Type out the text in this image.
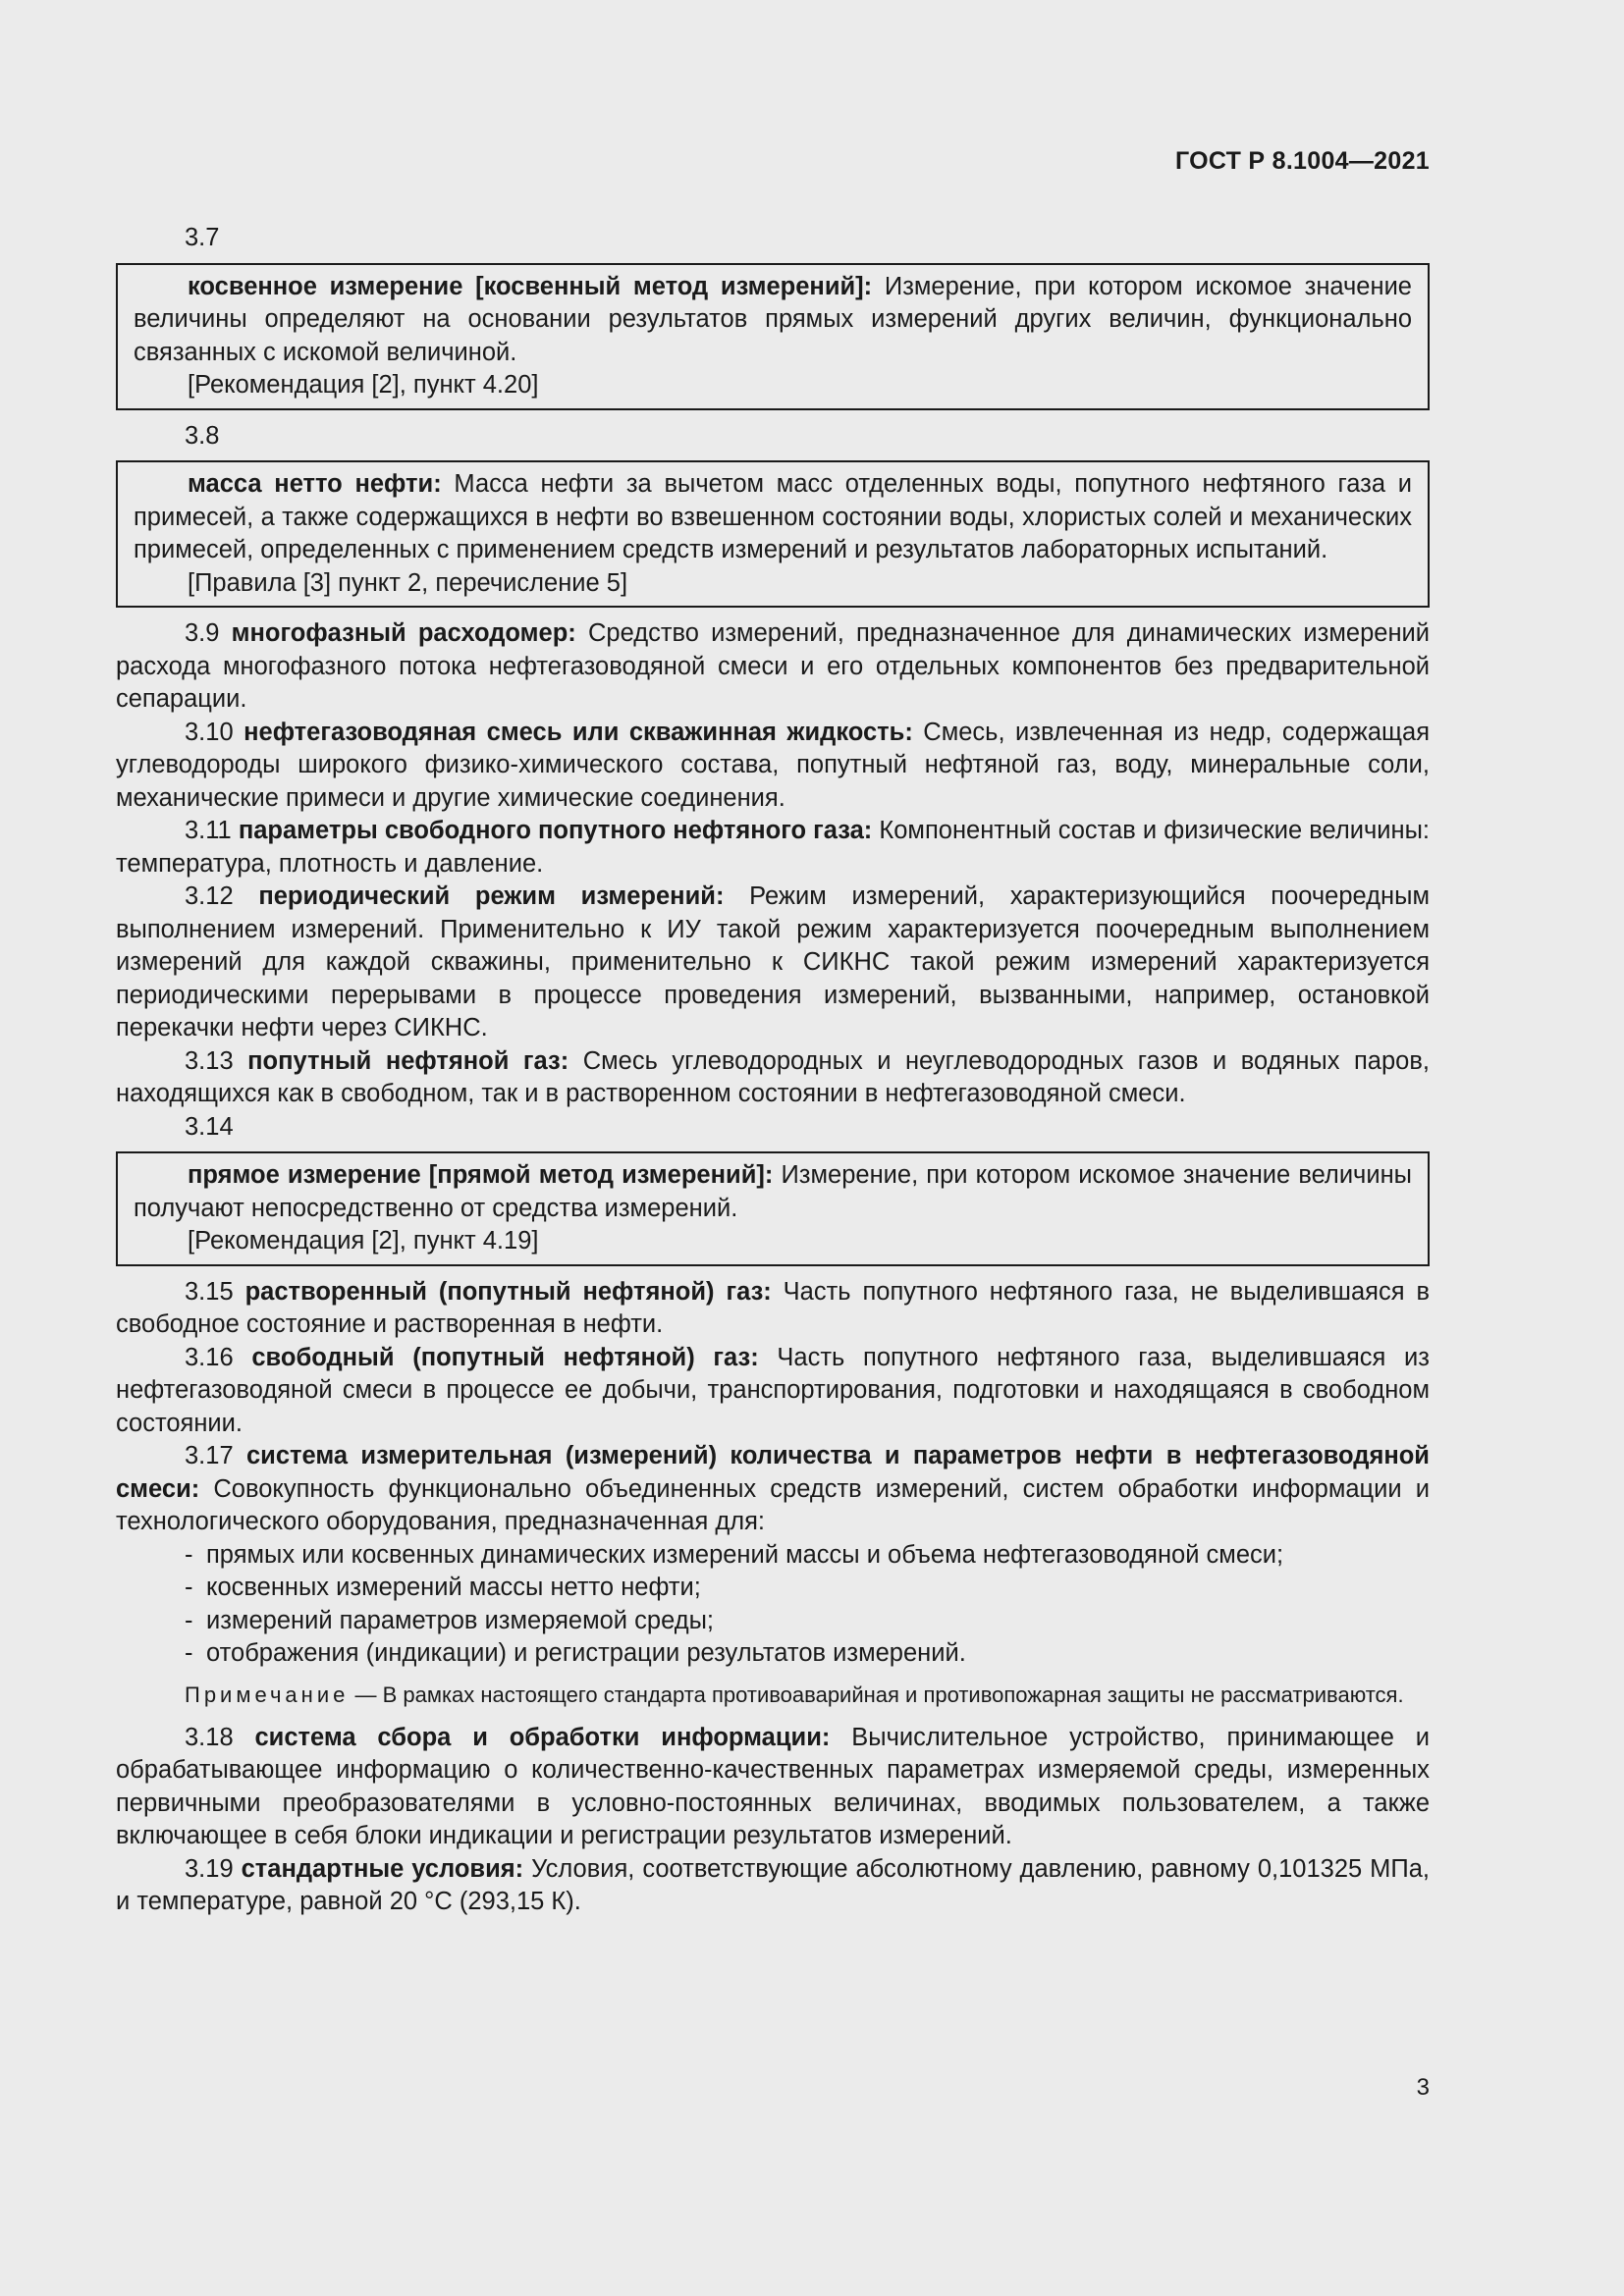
ГОСТ Р 8.1004—2021
3.7

косвенное измерение [косвенный метод измерений]: Измерение, при котором искомое значение величины определяют на основании результатов прямых измерений других величин, функционально связанных с искомой величиной.

[Рекомендация [2], пункт 4.20]
3.8

масса нетто нефти: Масса нефти за вычетом масс отделенных воды, попутного нефтяного газа и примесей, а также содержащихся в нефти во взвешенном состоянии воды, хлористых солей и механических примесей, определенных с применением средств измерений и результатов лабораторных испытаний.

[Правила [3] пункт 2, перечисление 5]

3.9 многофазный расходомер: Средство измерений, предназначенное для динамических измерений расхода многофазного потока нефтегазоводяной смеси и его отдельных компонентов без предварительной сепарации.

3.10 нефтегазоводяная смесь или скважинная жидкость: Смесь, извлеченная из недр, содержащая углеводороды широкого физико-химического состава, попутный нефтяной газ, воду, минеральные соли, механические примеси и другие химические соединения.

3.11 параметры свободного попутного нефтяного газа: Компонентный состав и физические величины: температура, плотность и давление.

3.12 периодический режим измерений: Режим измерений, характеризующийся поочередным выполнением измерений. Применительно к ИУ такой режим характеризуется поочередным выполнением измерений для каждой скважины, применительно к СИКНС такой режим измерений характеризуется периодическими перерывами в процессе проведения измерений, вызванными, например, остановкой перекачки нефти через СИКНС.

3.13 попутный нефтяной газ: Смесь углеводородных и неуглеводородных газов и водяных паров, находящихся как в свободном, так и в растворенном состоянии в нефтегазоводяной смеси.

3.14

прямое измерение [прямой метод измерений]: Измерение, при котором искомое значение величины получают непосредственно от средства измерений.

[Рекомендация [2], пункт 4.19]

3.15 растворенный (попутный нефтяной) газ: Часть попутного нефтяного газа, не выделившаяся в свободное состояние и растворенная в нефти.

3.16 свободный (попутный нефтяной) газ: Часть попутного нефтяного газа, выделившаяся из нефтегазоводяной смеси в процессе ее добычи, транспортирования, подготовки и находящаяся в свободном состоянии.

3.17 система измерительная (измерений) количества и параметров нефти в нефтегазоводяной смеси: Совокупность функционально объединенных средств измерений, систем обработки информации и технологического оборудования, предназначенная для:

- прямых или косвенных динамических измерений массы и объема нефтегазоводяной смеси;
- косвенных измерений массы нетто нефти;
- измерений параметров измеряемой среды;
- отображения (индикации) и регистрации результатов измерений.
Примечание — В рамках настоящего стандарта противоаварийная и противопожарная защиты не рассматриваются.

3.18 система сбора и обработки информации: Вычислительное устройство, принимающее и обрабатывающее информацию о количественно-качественных параметрах измеряемой среды, измеренных первичными преобразователями в условно-постоянных величинах, вводимых пользователем, а также включающее в себя блоки индикации и регистрации результатов измерений.

3.19 стандартные условия: Условия, соответствующие абсолютному давлению, равному 0,101325 МПа, и температуре, равной 20 °С (293,15 К).

3
